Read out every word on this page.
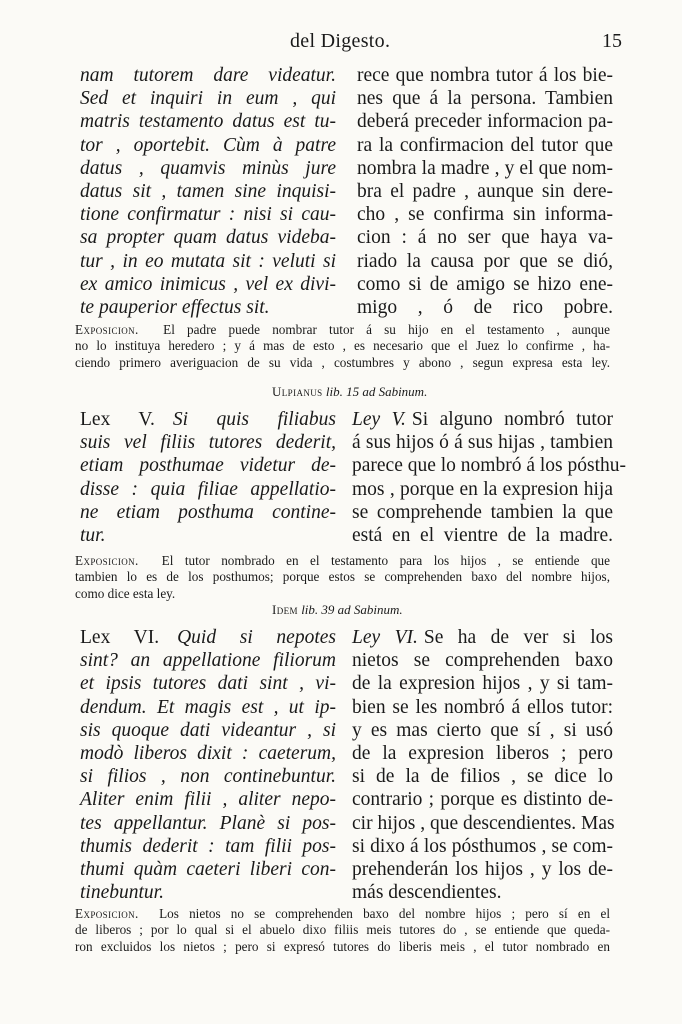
del Digesto.	15
nam tutorem dare videatur.
Sed et inquiri in eum , qui
matris testamento datus est tu-
tor , oportebit. Cùm à patre
datus , quamvis minùs jure
datus sit , tamen sine inquisi-
tione confirmatur : nisi si cau-
sa propter quam datus videba-
tur , in eo mutata sit : veluti si
ex amico inimicus , vel ex divi-
te pauperior effectus sit.
rece que nombra tutor á los bie-
nes que á la persona. Tambien
deberá preceder informacion pa-
ra la confirmacion del tutor que
nombra la madre , y el que nom-
bra el padre , aunque sin dere-
cho , se confirma sin informa-
cion : á no ser que haya va-
riado la causa por que se dió,
como si de amigo se hizo ene-
migo , ó de rico pobre.
Exposicion. El padre puede nombrar tutor á su hijo en el testamento , aunque
no lo instituya heredero ; y á mas de esto , es necesario que el Juez lo confirme , ha-
ciendo primero averiguacion de su vida , costumbres y abono , segun expresa esta ley.
Ulpianus lib. 15 ad Sabinum.
Lex V. Si quis filiabus
suis vel filiis tutores dederit,
etiam posthumae videtur de-
disse : quia filiae appellatio-
ne etiam posthuma contine-
tur.
Ley V. Si alguno nombró tutor
á sus hijos ó á sus hijas , tambien
parece que lo nombró á los pósthu-
mos , porque en la expresion hija
se comprehende tambien la que
está en el vientre de la madre.
Exposicion. El tutor nombrado en el testamento para los hijos , se entiende que
tambien lo es de los posthumos; porque estos se comprehenden baxo del nombre hijos,
como dice esta ley.
Idem lib. 39 ad Sabinum.
Lex VI. Quid si nepotes
sint? an appellatione filiorum
et ipsis tutores dati sint , vi-
dendum. Et magis est , ut ip-
sis quoque dati videantur , si
modò liberos dixit : caeterum,
si filios , non continebuntur.
Aliter enim filii , aliter nepo-
tes appellantur. Planè si pos-
thumis dederit : tam filii pos-
thumi quàm caeteri liberi con-
tinebuntur.
Ley VI. Se ha de ver si los
nietos se comprehenden baxo
de la expresion hijos , y si tam-
bien se les nombró á ellos tutor:
y es mas cierto que sí , si usó
de la expresion liberos ; pero
si de la de filios , se dice lo
contrario ; porque es distinto de-
cir hijos , que descendientes. Mas
si dixo á los pósthumos , se com-
prehenderán los hijos , y los de-
más descendientes.
Exposicion. Los nietos no se comprehenden baxo del nombre hijos ; pero sí en el
de liberos ; por lo qual si el abuelo dixo filiis meis tutores do , se entiende que queda-
ron excluidos los nietos ; pero si expresó tutores do liberis meis , el tutor nombrado en
